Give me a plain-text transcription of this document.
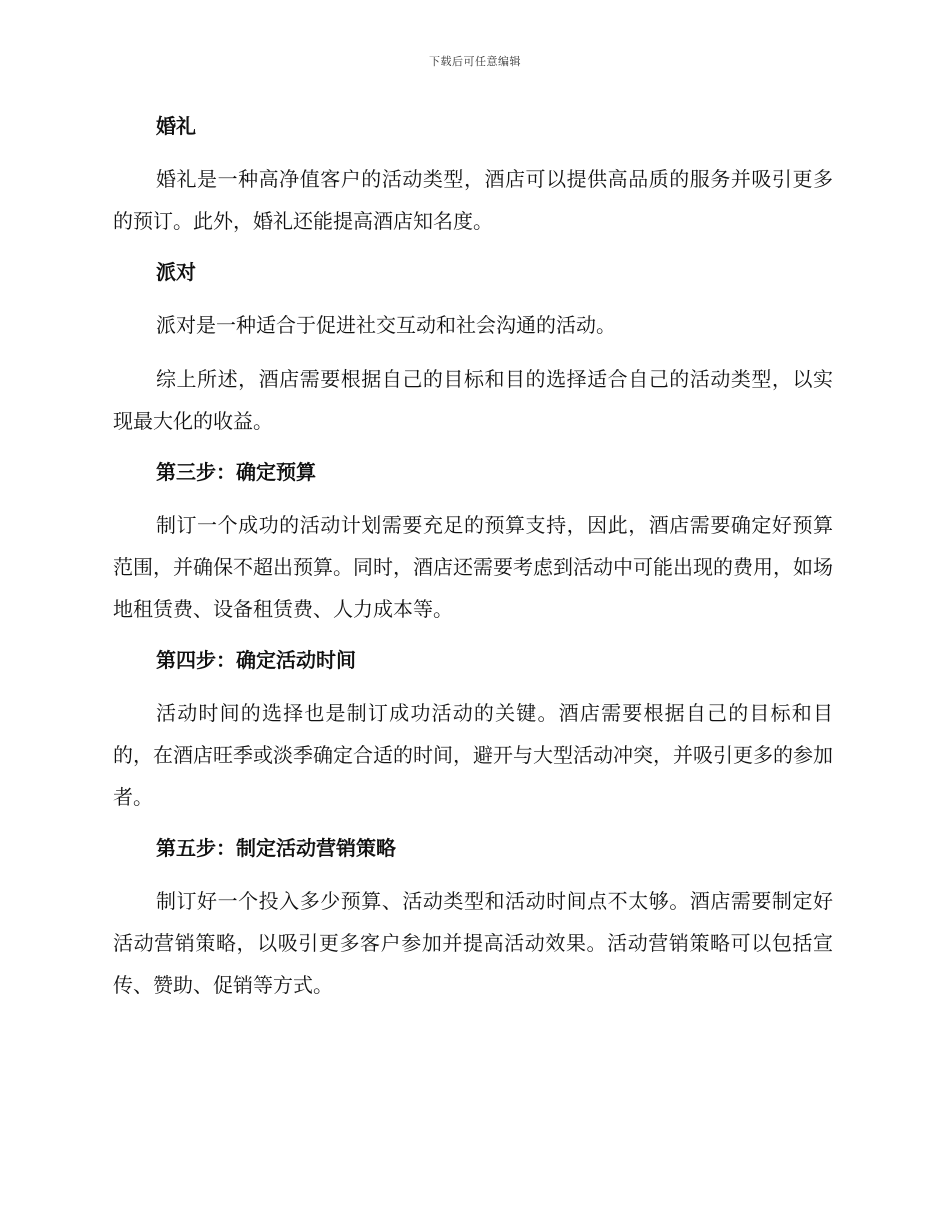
下载后可任意编辑
婚礼
婚礼是一种高净值客户的活动类型，酒店可以提供高品质的服务并吸引更多的预订。此外，婚礼还能提高酒店知名度。
派对
派对是一种适合于促进社交互动和社会沟通的活动。
综上所述，酒店需要根据自己的目标和目的选择适合自己的活动类型，以实现最大化的收益。
第三步：确定预算
制订一个成功的活动计划需要充足的预算支持，因此，酒店需要确定好预算范围，并确保不超出预算。同时，酒店还需要考虑到活动中可能出现的费用，如场地租赁费、设备租赁费、人力成本等。
第四步：确定活动时间
活动时间的选择也是制订成功活动的关键。酒店需要根据自己的目标和目的，在酒店旺季或淡季确定合适的时间，避开与大型活动冲突，并吸引更多的参加者。
第五步：制定活动营销策略
制订好一个投入多少预算、活动类型和活动时间点不太够。酒店需要制定好活动营销策略，以吸引更多客户参加并提高活动效果。活动营销策略可以包括宣传、赞助、促销等方式。
